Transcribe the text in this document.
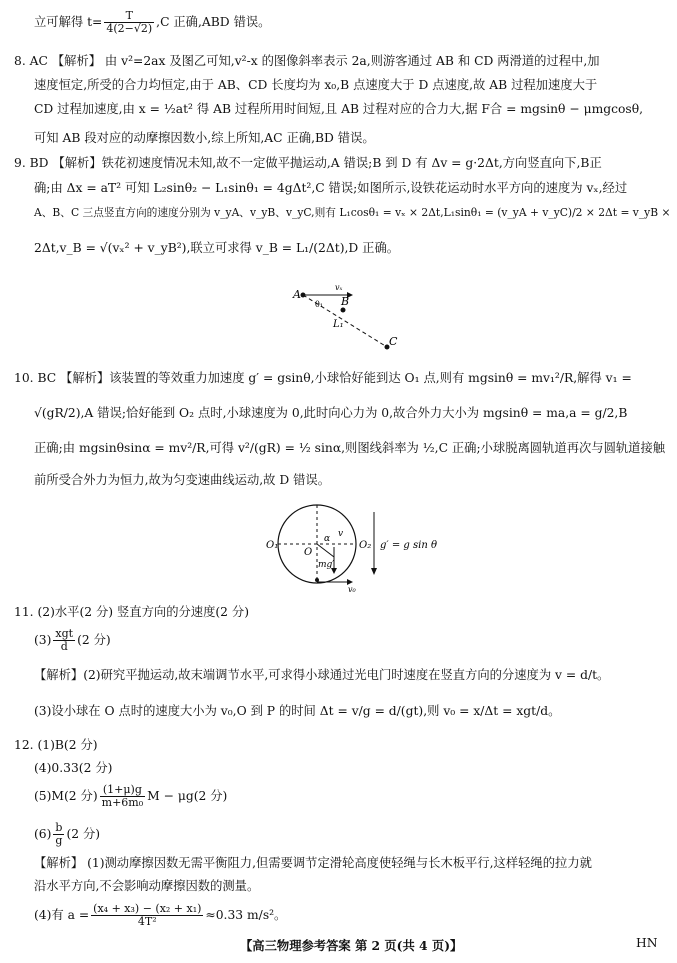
立可解得 $t= \frac{T}{4(2-√2)} ,C$ 正确,ABD 错误。
8. AC 【解析】 由 v²=2ax 及图乙可知,v²-x 的图像斜率表示 2a,则游客通过 AB 和 CD 两滑道的过程中,加
速度恒定,所受的合力均恒定,由于 AB、CD 长度均为 x₀,B 点速度大于 D 点速度,故 AB 过程加速度大于
CD 过程加速度,由 x = ½at² 得 AB 过程所用时间短,且 AB 过程对应的合力大,据 F合 = mgsinθ − μmgcosθ,
可知 AB 段对应的动摩擦因数小,综上所知,AC 正确,BD 错误。
9. BD 【解析】铁花初速度情况未知,故不一定做平抛运动,A 错误;B 到 D 有 Δv = g·2Δt,方向竖直向下,B正
确;由 Δx = aT² 可知 L₂sinθ₂ − L₁sinθ₁ = 4gΔt²,C 错误;如图所示,设铁花运动时水平方向的速度为 vₓ,经过
A、B、C 三点竖直方向的速度分别为 v_yA、v_yB、v_yC,则有 L₁cosθ₁ = vₓ × 2Δt,L₁sinθ₁ = (v_yA + v_yC)/2 × 2Δt = v_yB ×
2Δt,v_B = √(vₓ² + v_yB²),联立可求得 v_B = L₁/(2Δt),D 正确。
A
B
C
L₁
θ₁
vₓ
10. BC 【解析】该装置的等效重力加速度 g′ = gsinθ,小球恰好能到达 O₁ 点,则有 mgsinθ = mv₁²/R,解得 v₁ =
√(gR/2),A 错误;恰好能到 O₂ 点时,小球速度为 0,此时向心力为 0,故合外力大小为 mgsinθ = ma,a = g/2,B
正确;由 mgsinθsinα = mv²/R,可得 v²/(gR) = ½ sinα,则图线斜率为 ½,C 正确;小球脱离圆轨道再次与圆轨道接触
前所受合外力为恒力,故为匀变速曲线运动,故 D 错误。
O₁
O
O₂
α v
mg′
v₀
g′ = g sin θ
11. (2)水平(2 分) 竖直方向的分速度(2 分)
$(3) \frac{\text{xgt}}{d} (2$ 分)
【解析】(2)研究平抛运动,故末端调节水平,可求得小球通过光电门时速度在竖直方向的分速度为 v = d/t。
(3)设小球在 O 点时的速度大小为 v₀,O 到 P 的时间 Δt = v/g = d/(gt),则 v₀ = x/Δt = xgt/d。
12. (1)B(2 分)
(4)0.33(2 分)
(5)M(2 分) $\frac{(1+\mu)g}{\text{m+6m₀}}$ M − μg(2 分)
$(6) \frac{b}{g} (2$ 分)
【解析】 (1)测动摩擦因数无需平衡阻力,但需要调节定滑轮高度使轻绳与长木板平行,这样轻绳的拉力就
沿水平方向,不会影响动摩擦因数的测量。
(4)有 $a = \frac{\text{(x₄ + x₃) − (x₂ + x₁)}}{\text{4T²}} \approx 0.33$ m/s²。
【高三物理参考答案 第 2 页(共 4 页)】	HN
